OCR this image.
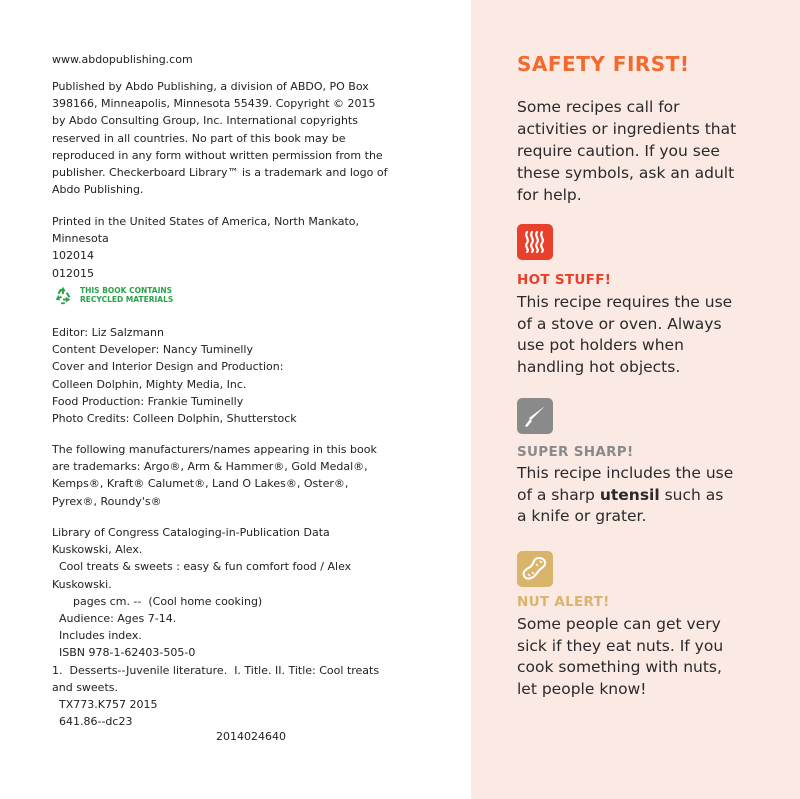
www.abdopublishing.com
Published by Abdo Publishing, a division of ABDO, PO Box
398166, Minneapolis, Minnesota 55439. Copyright © 2015
by Abdo Consulting Group, Inc. International copyrights
reserved in all countries. No part of this book may be
reproduced in any form without written permission from the
publisher. Checkerboard Library™ is a trademark and logo of
Abdo Publishing.
Printed in the United States of America, North Mankato,
Minnesota
102014
012015
THIS BOOK CONTAINS
RECYCLED MATERIALS
Editor: Liz Salzmann
Content Developer: Nancy Tuminelly
Cover and Interior Design and Production:
Colleen Dolphin, Mighty Media, Inc.
Food Production: Frankie Tuminelly
Photo Credits: Colleen Dolphin, Shutterstock
The following manufacturers/names appearing in this book
are trademarks: Argo®, Arm & Hammer®, Gold Medal®,
Kemps®, Kraft® Calumet®, Land O Lakes®, Oster®,
Pyrex®, Roundy's®
Library of Congress Cataloging-in-Publication Data
Kuskowski, Alex.
Cool treats & sweets : easy & fun comfort food / Alex
Kuskowski.
pages cm. --  (Cool home cooking)
Audience: Ages 7-14.
Includes index.
ISBN 978-1-62403-505-0
1.  Desserts--Juvenile literature.  I. Title. II. Title: Cool treats
and sweets.
TX773.K757 2015
641.86--dc23
2014024640
SAFETY FIRST!
Some recipes call for activities or ingredients that require caution. If you see these symbols, ask an adult for help.
HOT STUFF!
This recipe requires the use of a stove or oven. Always use pot holders when handling hot objects.
SUPER SHARP!
This recipe includes the use of a sharp utensil such as a knife or grater.
NUT ALERT!
Some people can get very sick if they eat nuts. If you cook something with nuts, let people know!
